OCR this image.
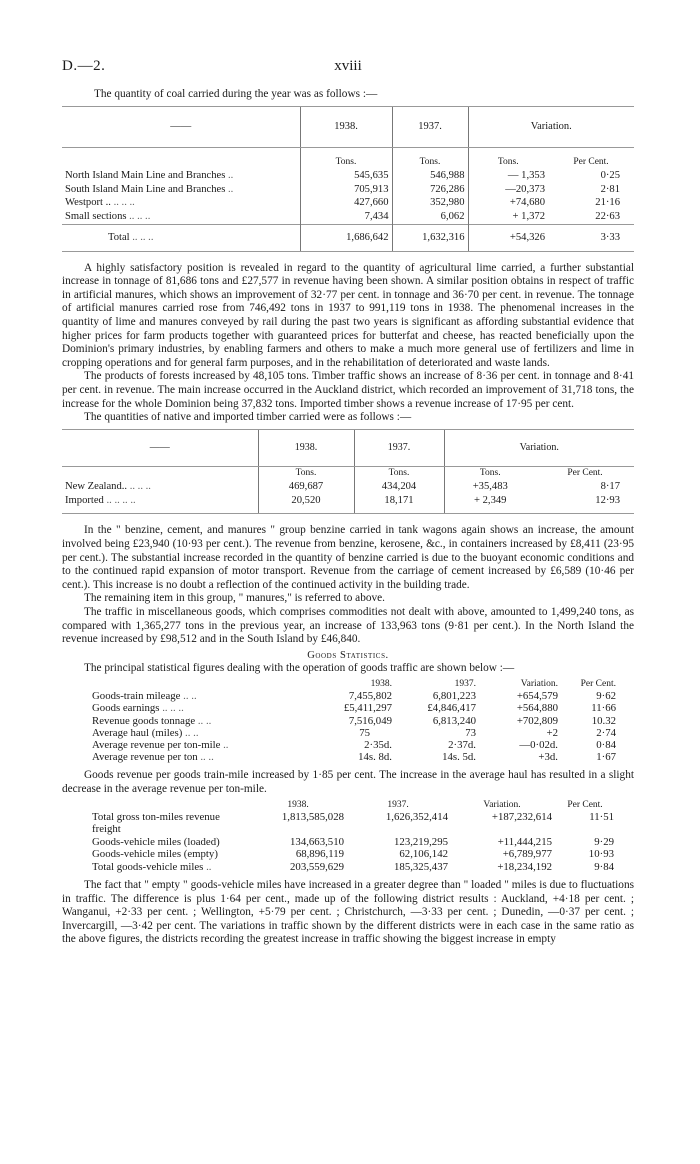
D.—2.	xviii

The quantity of coal carried during the year was as follows :—

——	1938.	1937.	Variation.	
	Tons.	Tons.	Tons.	Per Cent.
North Island Main Line and Branches ..	545,635	546,988	— 1,353	0·25
South Island Main Line and Branches ..	705,913	726,286	—20,373	2·81
Westport .. .. .. ..	427,660	352,980	+74,680	21·16
Small sections .. .. ..	7,434	6,062	+ 1,372	22·63
Total .. .. ..	1,686,642	1,632,316	+54,326	3·33

A highly satisfactory position is revealed in regard to the quantity of agricultural lime carried, a further substantial increase in tonnage of 81,686 tons and £27,577 in revenue having been shown. A similar position obtains in respect of traffic in artificial manures, which shows an improvement of 32·77 per cent. in tonnage and 36·70 per cent. in revenue. The tonnage of artificial manures carried rose from 746,492 tons in 1937 to 991,119 tons in 1938. The phenomenal increases in the quantity of lime and manures conveyed by rail during the past two years is significant as affording substantial evidence that higher prices for farm products together with guaranteed prices for butterfat and cheese, has reacted beneficially upon the Dominion's primary industries, by enabling farmers and others to make a much more general use of fertilizers and lime in cropping operations and for general farm purposes, and in the rehabilitation of deteriorated and waste lands.

The products of forests increased by 48,105 tons. Timber traffic shows an increase of 8·36 per cent. in tonnage and 8·41 per cent. in revenue. The main increase occurred in the Auckland district, which recorded an improvement of 31,718 tons, the increase for the whole Dominion being 37,832 tons. Imported timber shows a revenue increase of 17·95 per cent.

The quantities of native and imported timber carried were as follows :—

——	1938.	1937.	Variation.	
	Tons.	Tons.	Tons.	Per Cent.
New Zealand.. .. .. ..	469,687	434,204	+35,483	8·17
Imported .. .. .. ..	20,520	18,171	+ 2,349	12·93

In the " benzine, cement, and manures " group benzine carried in tank wagons again shows an increase, the amount involved being £23,940 (10·93 per cent.). The revenue from benzine, kerosene, &c., in containers increased by £8,411 (23·95 per cent.). The substantial increase recorded in the quantity of benzine carried is due to the buoyant economic conditions and to the continued rapid expansion of motor transport. Revenue from the carriage of cement increased by £6,589 (10·46 per cent.). This increase is no doubt a reflection of the continued activity in the building trade.

The remaining item in this group, " manures," is referred to above.

The traffic in miscellaneous goods, which comprises commodities not dealt with above, amounted to 1,499,240 tons, as compared with 1,365,277 tons in the previous year, an increase of 133,963 tons (9·81 per cent.). In the North Island the revenue increased by £98,512 and in the South Island by £46,840.

Goods Statistics.

The principal statistical figures dealing with the operation of goods traffic are shown below :—

	1938.	1937.	Variation.	Per Cent.
Goods-train mileage .. ..	7,455,802	6,801,223	+654,579	9·62
Goods earnings .. .. ..	£5,411,297	£4,846,417	+564,880	11·66
Revenue goods tonnage .. ..	7,516,049	6,813,240	+702,809	10.32
Average haul (miles) .. ..	75	73	+2	2·74
Average revenue per ton-mile ..	2·35d.	2·37d.	—0·02d.	0·84
Average revenue per ton .. ..	14s. 8d.	14s. 5d.	+3d.	1·67

Goods revenue per goods train-mile increased by 1·85 per cent. The increase in the average haul has resulted in a slight decrease in the average revenue per ton-mile.

	1938.	1937.	Variation.	Per Cent.
Total gross ton-miles revenue freight	1,813,585,028	1,626,352,414	+187,232,614	11·51
Goods-vehicle miles (loaded)	134,663,510	123,219,295	+11,444,215	9·29
Goods-vehicle miles (empty)	68,896,119	62,106,142	+6,789,977	10·93
Total goods-vehicle miles ..	203,559,629	185,325,437	+18,234,192	9·84

The fact that " empty " goods-vehicle miles have increased in a greater degree than " loaded " miles is due to fluctuations in traffic. The difference is plus 1·64 per cent., made up of the following district results : Auckland, +4·18 per cent. ; Wanganui, +2·33 per cent. ; Wellington, +5·79 per cent. ; Christchurch, —3·33 per cent. ; Dunedin, —0·37 per cent. ; Invercargill, —3·42 per cent. The variations in traffic shown by the different districts were in each case in the same ratio as the above figures, the districts recording the greatest increase in traffic showing the biggest increase in empty
